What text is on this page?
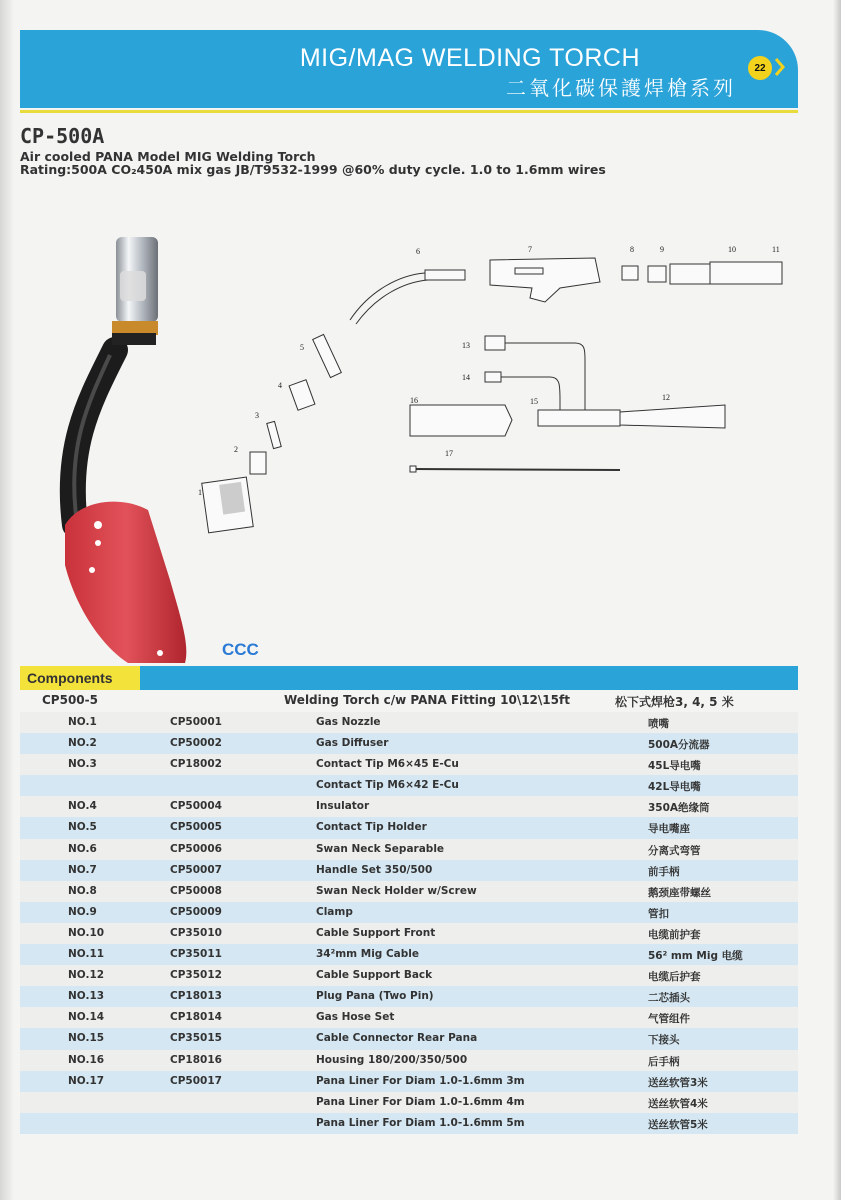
MIG/MAG WELDING TORCH
二氧化碳保護焊槍系列
22
CP-500A
Air cooled PANA Model MIG Welding Torch
Rating:500A CO₂450A mix gas JB/T9532-1999 @60% duty cycle. 1.0 to 1.6mm wires
CCC
1
2
3
4
5
6	7	8	9	10	11
12
13
14
15
16
17
Components
CP500-5	Welding Torch c/w PANA Fitting 10\12\15ft	松下式焊枪3, 4, 5 米
NO.1	CP50001	Gas Nozzle	喷嘴
NO.2	CP50002	Gas Diffuser	500A分流器
NO.3	CP18002	Contact Tip M6×45 E-Cu	45L导电嘴
Contact Tip M6×42 E-Cu	42L导电嘴
NO.4	CP50004	Insulator	350A绝缘筒
NO.5	CP50005	Contact Tip Holder	导电嘴座
NO.6	CP50006	Swan Neck Separable	分离式弯管
NO.7	CP50007	Handle Set 350/500	前手柄
NO.8	CP50008	Swan Neck Holder w/Screw	鹅颈座带螺丝
NO.9	CP50009	Clamp	管扣
NO.10	CP35010	Cable Support Front	电缆前护套
NO.11	CP35011	34²mm Mig Cable	56² mm Mig 电缆
NO.12	CP35012	Cable Support Back	电缆后护套
NO.13	CP18013	Plug Pana (Two Pin)	二芯插头
NO.14	CP18014	Gas Hose Set	气管组件
NO.15	CP35015	Cable Connector Rear Pana	下接头
NO.16	CP18016	Housing 180/200/350/500	后手柄
NO.17	CP50017	Pana Liner For Diam 1.0-1.6mm 3m	送丝软管3米
Pana Liner For Diam 1.0-1.6mm 4m	送丝软管4米
Pana Liner For Diam 1.0-1.6mm 5m	送丝软管5米
